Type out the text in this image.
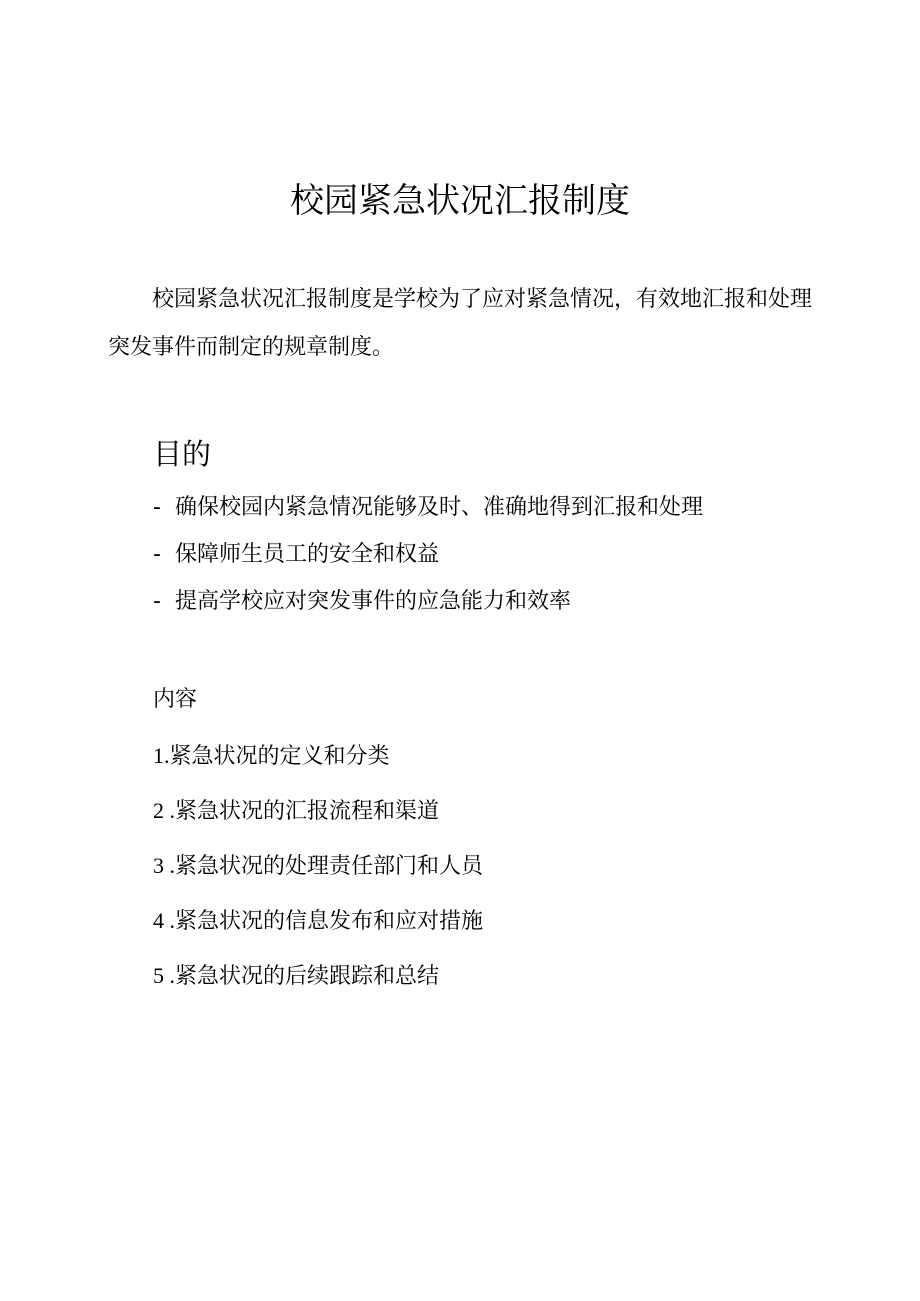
校园紧急状况汇报制度

校园紧急状况汇报制度是学校为了应对紧急情况，有效地汇报和处理突发事件而制定的规章制度。

目的
- 确保校园内紧急情况能够及时、准确地得到汇报和处理
- 保障师生员工的安全和权益
- 提高学校应对突发事件的应急能力和效率
内容
1.紧急状况的定义和分类
2 .紧急状况的汇报流程和渠道
3 .紧急状况的处理责任部门和人员
4 .紧急状况的信息发布和应对措施
5 .紧急状况的后续跟踪和总结
